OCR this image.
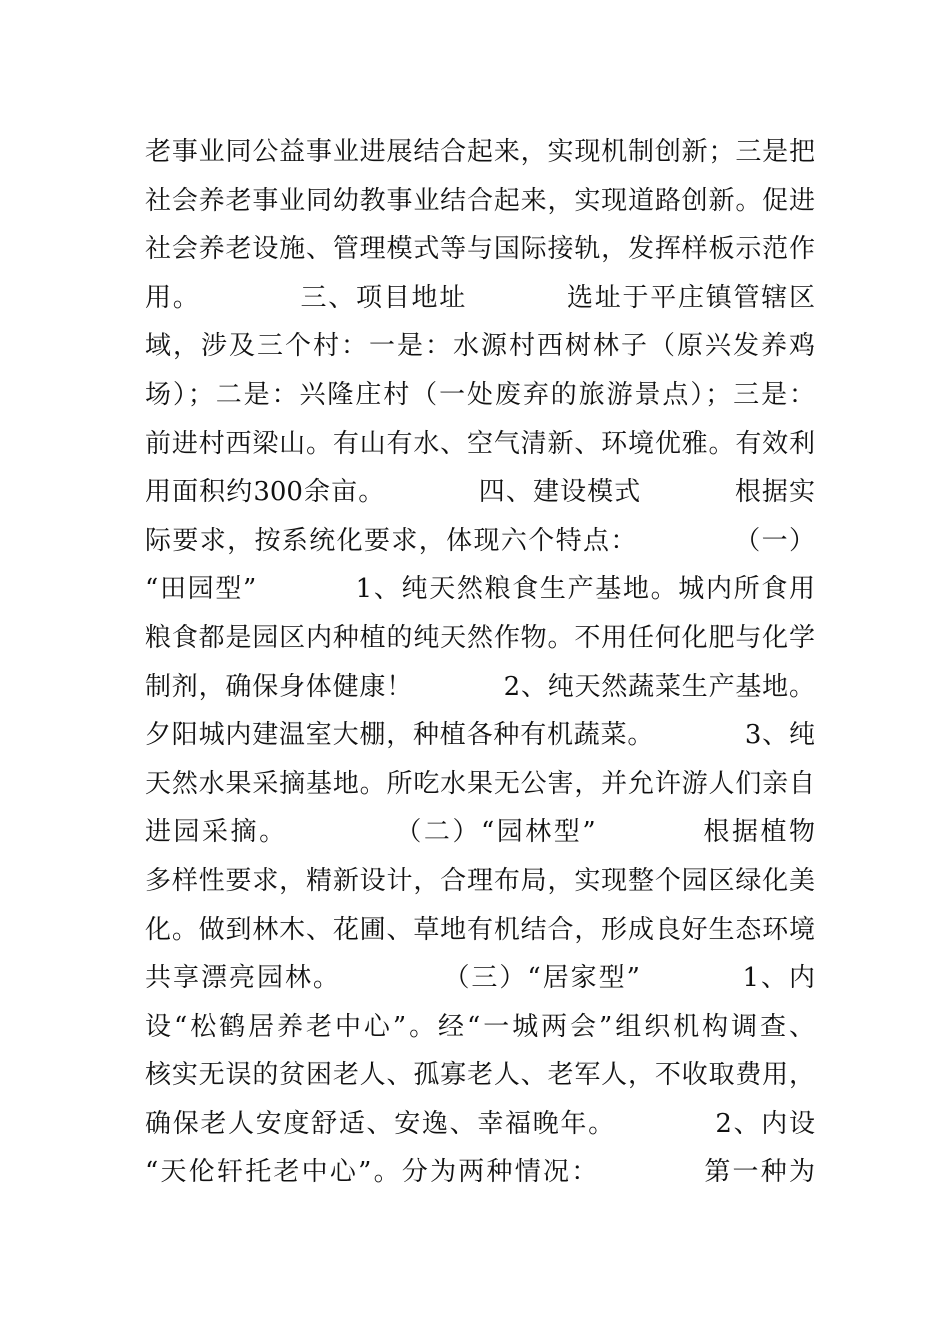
老事业同公益事业进展结合起来，实现机制创新；三是把
社会养老事业同幼教事业结合起来，实现道路创新。促进
社会养老设施、管理模式等与国际接轨，发挥样板示范作
用。          三、项目地址          选址于平庄镇管辖区
域，涉及三个村：一是：水源村西树林子（原兴发养鸡
场）；二是：兴隆庄村（一处废弃的旅游景点）；三是：
前进村西梁山。有山有水、空气清新、环境优雅。有效利
用面积约300余亩。          四、建设模式          根据实
际要求，按系统化要求，体现六个特点：          （一）
“田园型”          1、纯天然粮食生产基地。城内所食用
粮食都是园区内种植的纯天然作物。不用任何化肥与化学
制剂，确保身体健康！          2、纯天然蔬菜生产基地。
夕阳城内建温室大棚，种植各种有机蔬菜。          3、纯
天然水果采摘基地。所吃水果无公害，并允许游人们亲自
进园采摘。          （二）“园林型”          根据植物
多样性要求，精新设计，合理布局，实现整个园区绿化美
化。做到林木、花圃、草地有机结合，形成良好生态环境
共享漂亮园林。          （三）“居家型”          1、内
设“松鹤居养老中心”。经“一城两会”组织机构调查、
核实无误的贫困老人、孤寡老人、老军人，不收取费用，
确保老人安度舒适、安逸、幸福晚年。          2、内设
“天伦轩托老中心”。分为两种情况：          第一种为
